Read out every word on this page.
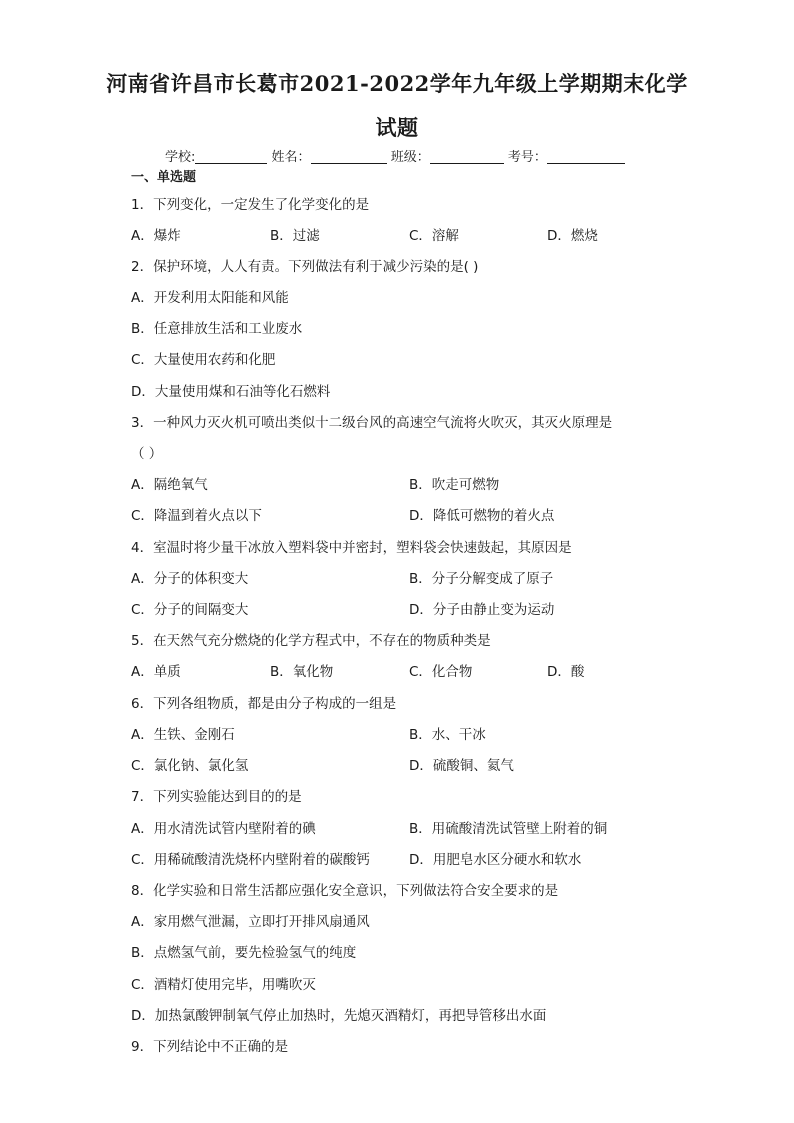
河南省许昌市长葛市2021-2022学年九年级上学期期末化学
试题
学校:	姓名：	班级：	考号：
一、单选题
1．下列变化，一定发生了化学变化的是
A．爆炸	B．过滤	C．溶解	D．燃烧
2．保护环境，人人有责。下列做法有利于减少污染的是( )
A．开发利用太阳能和风能
B．任意排放生活和工业废水
C．大量使用农药和化肥
D．大量使用煤和石油等化石燃料
3．一种风力灭火机可喷出类似十二级台风的高速空气流将火吹灭，其灭火原理是
（ ）
A．隔绝氧气	B．吹走可燃物
C．降温到着火点以下	D．降低可燃物的着火点
4．室温时将少量干冰放入塑料袋中并密封，塑料袋会快速鼓起，其原因是
A．分子的体积变大	B．分子分解变成了原子
C．分子的间隔变大	D．分子由静止变为运动
5．在天然气充分燃烧的化学方程式中，不存在的物质种类是
A．单质	B．氧化物	C．化合物	D．酸
6．下列各组物质，都是由分子构成的一组是
A．生铁、金刚石	B．水、干冰
C．氯化钠、氯化氢	D．硫酸铜、氦气
7．下列实验能达到目的的是
A．用水清洗试管内壁附着的碘	B．用硫酸清洗试管壁上附着的铜
C．用稀硫酸清洗烧杯内壁附着的碳酸钙	D．用肥皂水区分硬水和软水
8．化学实验和日常生活都应强化安全意识，下列做法符合安全要求的是
A．家用燃气泄漏，立即打开排风扇通风
B．点燃氢气前，要先检验氢气的纯度
C．酒精灯使用完毕，用嘴吹灭
D．加热氯酸钾制氧气停止加热时，先熄灭酒精灯，再把导管移出水面
9．下列结论中不正确的是
